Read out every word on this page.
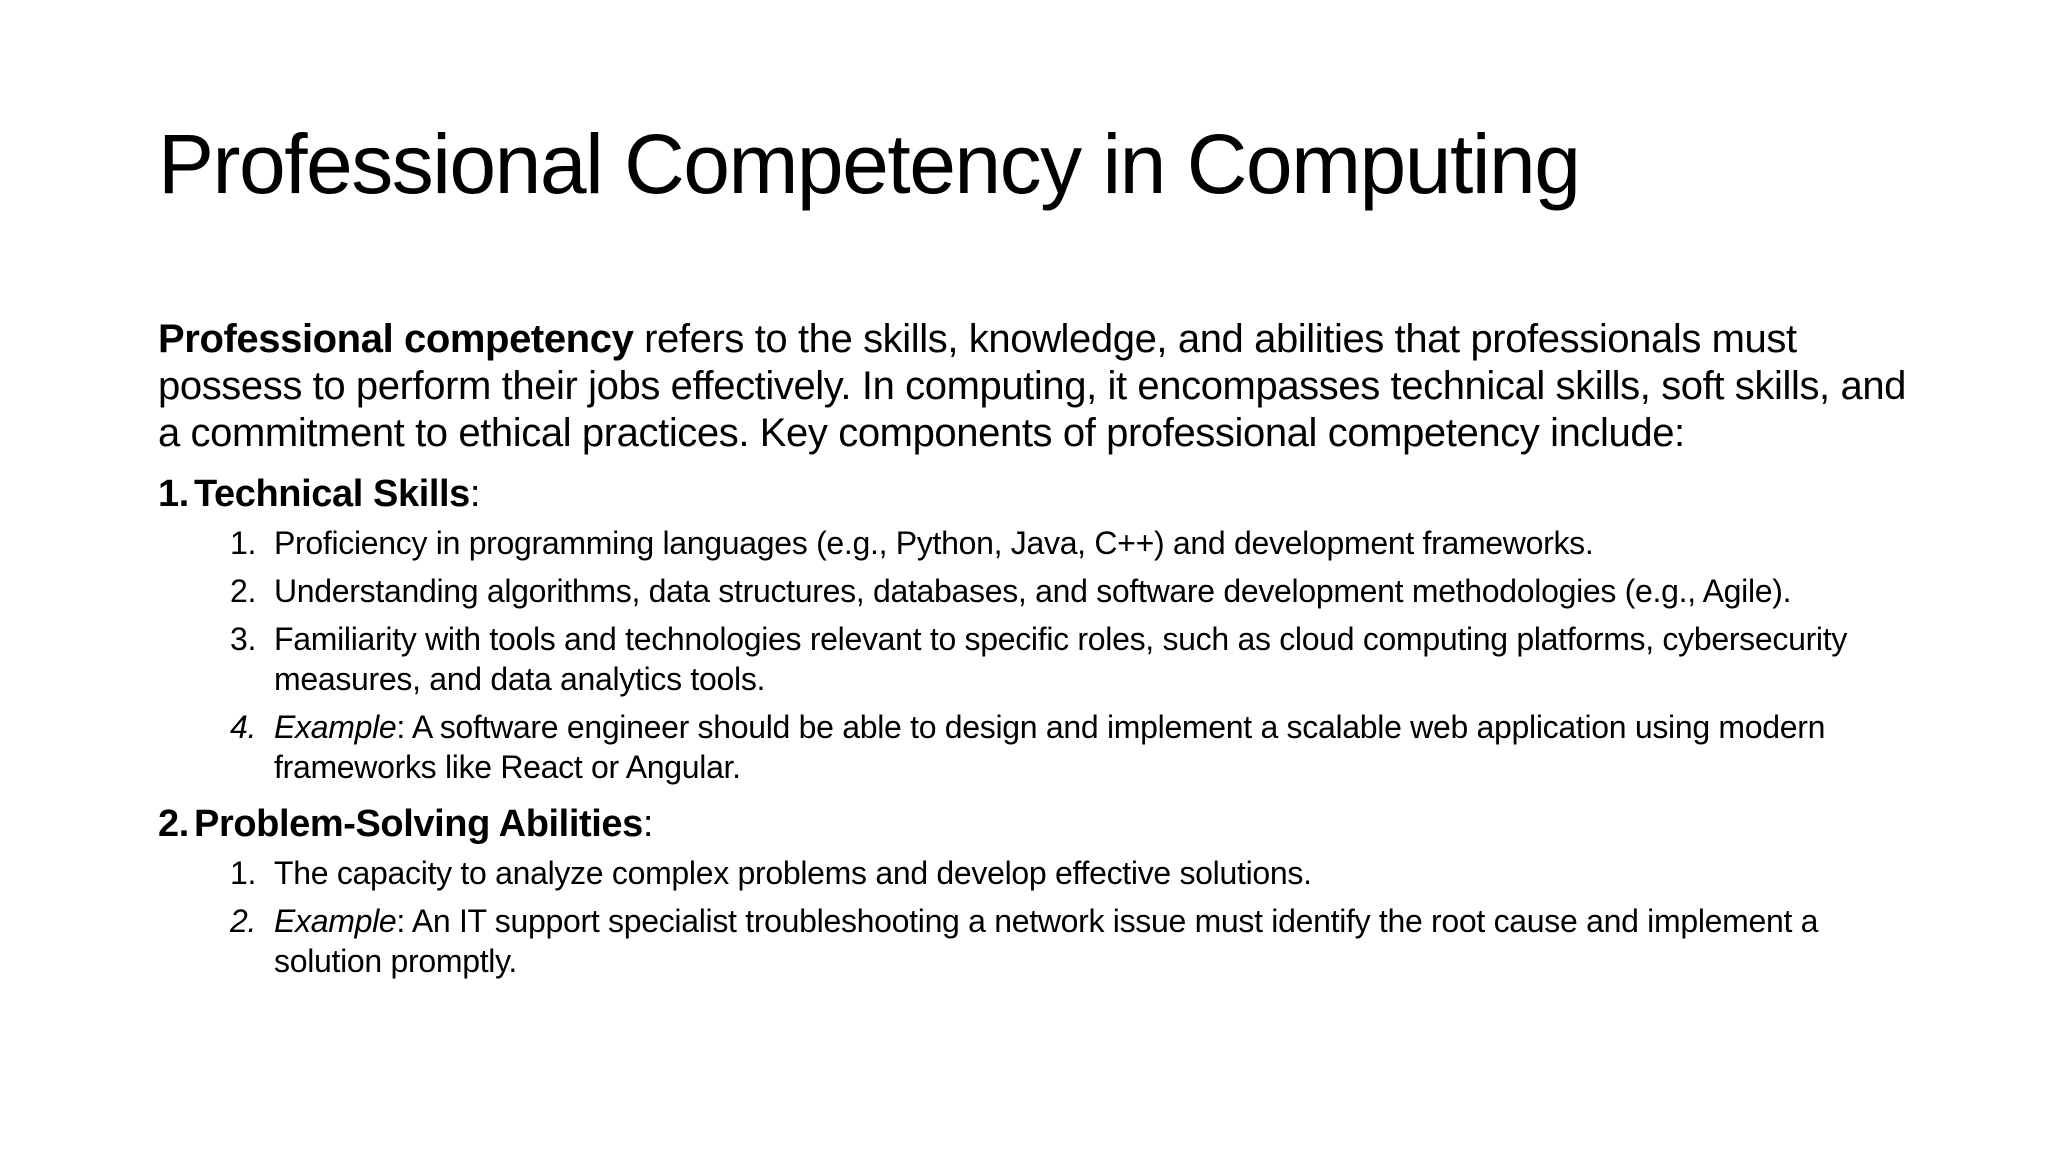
Professional Competency in Computing

Professional competency refers to the skills, knowledge, and abilities that professionals must possess to perform their jobs effectively. In computing, it encompasses technical skills, soft skills, and a commitment to ethical practices. Key components of professional competency include:

1. Technical Skills:
1. Proficiency in programming languages (e.g., Python, Java, C++) and development frameworks.
2. Understanding algorithms, data structures, databases, and software development methodologies (e.g., Agile).
3. Familiarity with tools and technologies relevant to specific roles, such as cloud computing platforms, cybersecurity measures, and data analytics tools.
4. Example: A software engineer should be able to design and implement a scalable web application using modern frameworks like React or Angular.
2. Problem-Solving Abilities:
1. The capacity to analyze complex problems and develop effective solutions.
2. Example: An IT support specialist troubleshooting a network issue must identify the root cause and implement a solution promptly.
